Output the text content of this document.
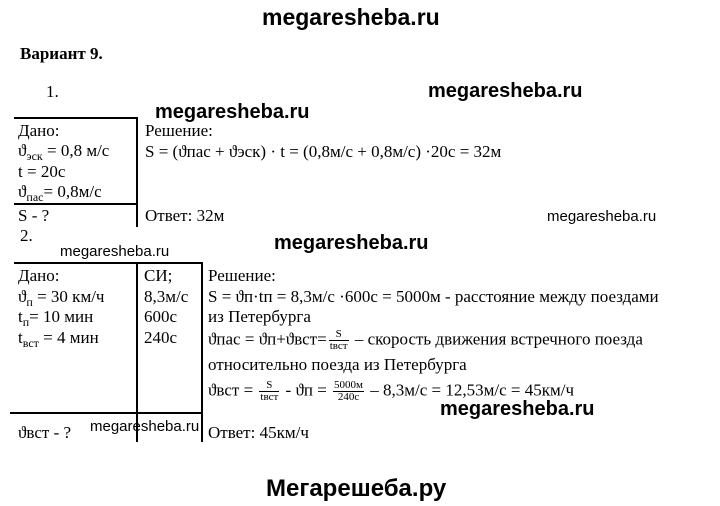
megaresheba.ru
Вариант 9.
1.
megaresheba.ru
megaresheba.ru
Дано:
$ϑ_{эск} = 0,8$ м/с
t = 20с
$ϑ_{пас}= 0,8м/с$
S - ?
Решение:
S = (ϑпас + ϑэск) · t = (0,8м/с + 0,8м/с) ·20с = 32м
Ответ: 32м	megaresheba.ru
2.
megaresheba.ru	megaresheba.ru
Дано:
$ϑ_п = 30$ км/ч
$t_п= 10$ мин
$t_{вст} = 4$ мин
СИ;
8,3м/с
600с
240с
ϑвст - ? megaresheba.ru
Решение:
S = ϑп·tп = 8,3м/с ·600с = 5000м - расстояние между поездами
из Петербурга
$ϑпас = ϑп+ϑвст= \frac{S}{\text{tвст}}$ – скорость движения встречного поезда
относительно поезда из Петербурга
$ϑвст = \frac{S}{\text{tвст}} - ϑп = \frac{5000м}{240с} - 8,3м/с = 12,53м/с = 45км/ч$
megaresheba.ru
Ответ: 45км/ч
Мегарешеба.ру
